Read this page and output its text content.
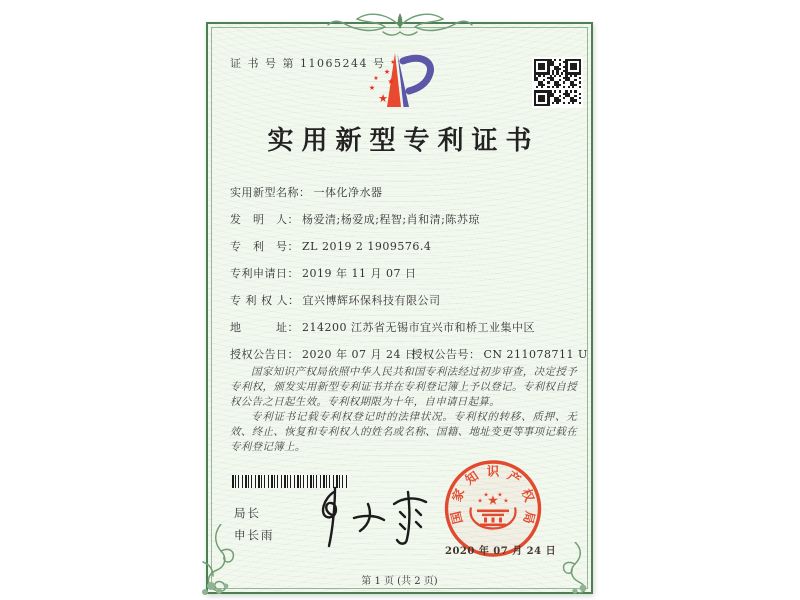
证 书 号 第 11065244 号 ★
★
★ ★
★
★
实用新型专利证书
实用新型名称： 一体化净水器
发　明　人： 杨爱清;杨爱成;程智;肖和清;陈苏琼
专　利　号： ZL 2019 2 1909576.4
专利申请日： 2019 年 11 月 07 日
专 利 权 人： 宜兴博辉环保科技有限公司
地　　　址： 214200 江苏省无锡市宜兴市和桥工业集中区
授权公告日： 2020 年 07 月 24 日 授权公告号： CN 211078711 U

国家知识产权局依照中华人民共和国专利法经过初步审查，决定授予专利权，颁发实用新型专利证书并在专利登记簿上予以登记。专利权自授权公告之日起生效。专利权期限为十年，自申请日起算。

专利证书记载专利权登记时的法律状况。专利权的转移、质押、无效、终止、恢复和专利权人的姓名或名称、国籍、地址变更等事项记载在专利登记簿上。

局长
申长雨
国
家
知 识 产
权
局
★
★
★ ★
★
2020 年 07 月 24 日
第 1 页 (共 2 页)
